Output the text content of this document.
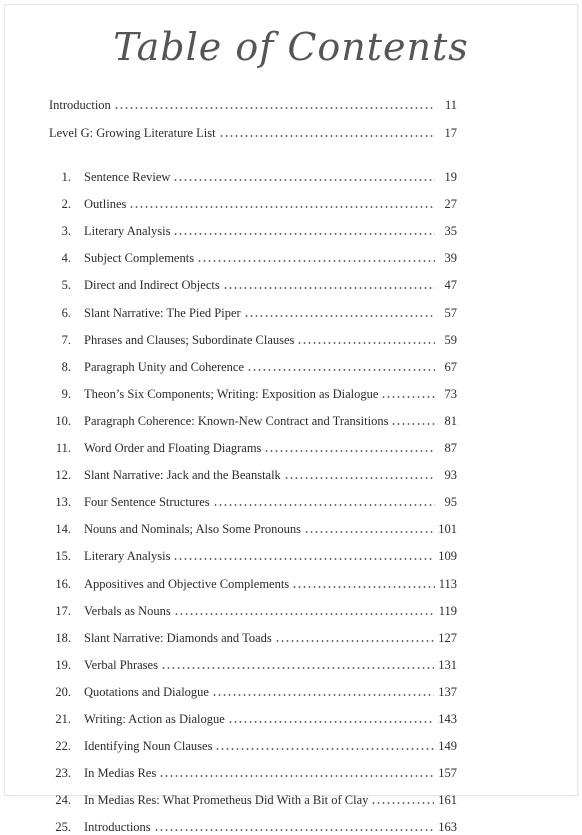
Table of Contents
Introduction	11
Level G: Growing Literature List	17
1.	Sentence Review	19
2.	Outlines	27
3.	Literary Analysis	35
4.	Subject Complements	39
5.	Direct and Indirect Objects	47
6.	Slant Narrative: The Pied Piper	57
7.	Phrases and Clauses; Subordinate Clauses	59
8.	Paragraph Unity and Coherence	67
9.	Theon’s Six Components; Writing: Exposition as Dialogue	73
10.	Paragraph Coherence: Known-New Contract and Transitions	81
11.	Word Order and Floating Diagrams	87
12.	Slant Narrative: Jack and the Beanstalk	93
13.	Four Sentence Structures	95
14.	Nouns and Nominals; Also Some Pronouns	101
15.	Literary Analysis	109
16.	Appositives and Objective Complements	113
17.	Verbals as Nouns	119
18.	Slant Narrative: Diamonds and Toads	127
19.	Verbal Phrases	131
20.	Quotations and Dialogue	137
21.	Writing: Action as Dialogue	143
22.	Identifying Noun Clauses	149
23.	In Medias Res	157
24.	In Medias Res: What Prometheus Did With a Bit of Clay	161
25.	Introductions	163
